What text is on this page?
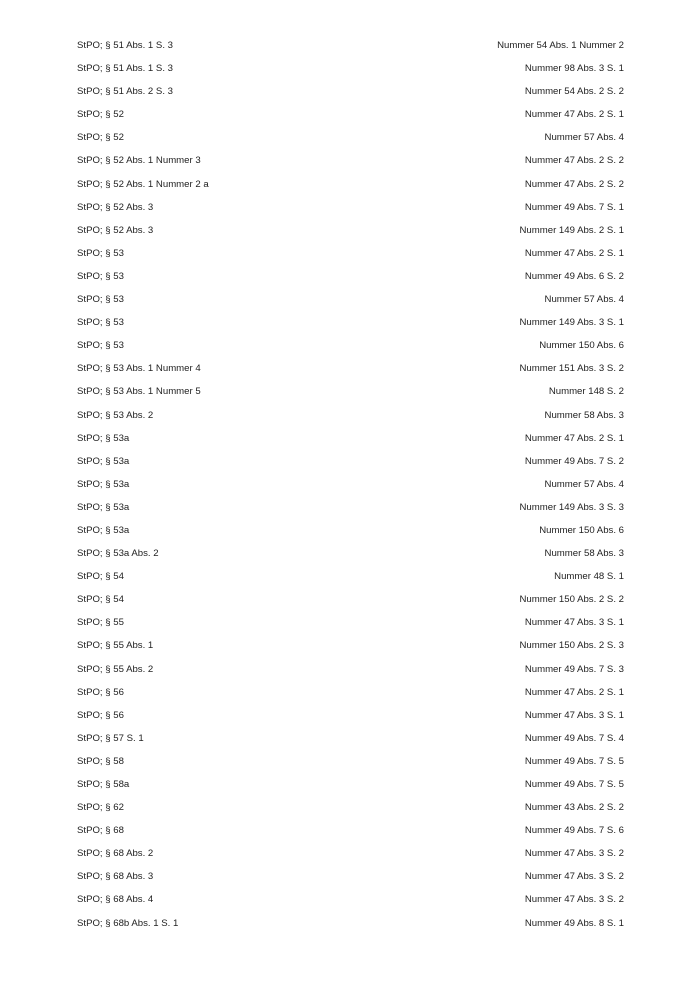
StPO; § 51 Abs. 1 S. 3	Nummer 54 Abs. 1 Nummer 2
StPO; § 51 Abs. 1 S. 3	Nummer 98 Abs. 3 S. 1
StPO; § 51 Abs. 2 S. 3	Nummer 54 Abs. 2 S. 2
StPO; § 52	Nummer 47 Abs. 2 S. 1
StPO; § 52	Nummer 57 Abs. 4
StPO; § 52 Abs. 1 Nummer 3	Nummer 47 Abs. 2 S. 2
StPO; § 52 Abs. 1 Nummer 2 a	Nummer 47 Abs. 2 S. 2
StPO; § 52 Abs. 3	Nummer 49 Abs. 7 S. 1
StPO; § 52 Abs. 3	Nummer 149 Abs. 2 S. 1
StPO; § 53	Nummer 47 Abs. 2 S. 1
StPO; § 53	Nummer 49 Abs. 6 S. 2
StPO; § 53	Nummer 57 Abs. 4
StPO; § 53	Nummer 149 Abs. 3 S. 1
StPO; § 53	Nummer 150 Abs. 6
StPO; § 53 Abs. 1 Nummer 4	Nummer 151 Abs. 3 S. 2
StPO; § 53 Abs. 1 Nummer 5	Nummer 148 S. 2
StPO; § 53 Abs. 2	Nummer 58 Abs. 3
StPO; § 53a	Nummer 47 Abs. 2 S. 1
StPO; § 53a	Nummer 49 Abs. 7 S. 2
StPO; § 53a	Nummer 57 Abs. 4
StPO; § 53a	Nummer 149 Abs. 3 S. 3
StPO; § 53a	Nummer 150 Abs. 6
StPO; § 53a Abs. 2	Nummer 58 Abs. 3
StPO; § 54	Nummer 48 S. 1
StPO; § 54	Nummer 150 Abs. 2 S. 2
StPO; § 55	Nummer 47 Abs. 3 S. 1
StPO; § 55 Abs. 1	Nummer 150 Abs. 2 S. 3
StPO; § 55 Abs. 2	Nummer 49 Abs. 7 S. 3
StPO; § 56	Nummer 47 Abs. 2 S. 1
StPO; § 56	Nummer 47 Abs. 3 S. 1
StPO; § 57 S. 1	Nummer 49 Abs. 7 S. 4
StPO; § 58	Nummer 49 Abs. 7 S. 5
StPO; § 58a	Nummer 49 Abs. 7 S. 5
StPO; § 62	Nummer 43 Abs. 2 S. 2
StPO; § 68	Nummer 49 Abs. 7 S. 6
StPO; § 68 Abs. 2	Nummer 47 Abs. 3 S. 2
StPO; § 68 Abs. 3	Nummer 47 Abs. 3 S. 2
StPO; § 68 Abs. 4	Nummer 47 Abs. 3 S. 2
StPO; § 68b Abs. 1 S. 1	Nummer 49 Abs. 8 S. 1
